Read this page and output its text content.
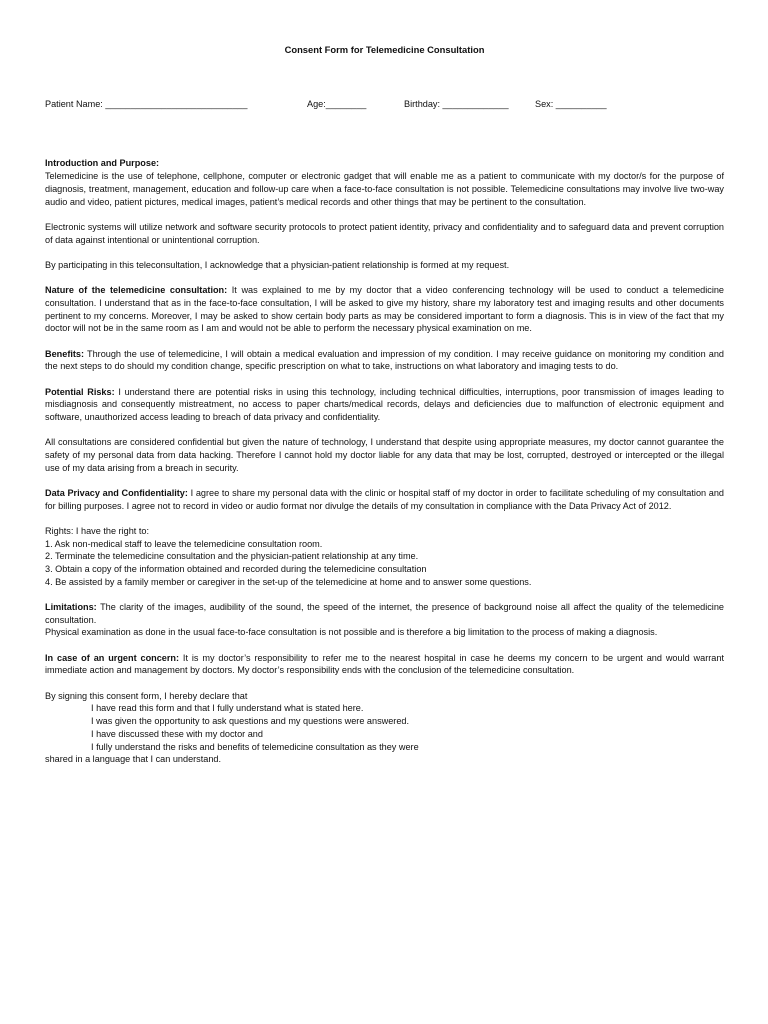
Consent Form for Telemedicine Consultation
Patient Name: ____________________________	Age:________	Birthday: _____________	Sex: __________

Introduction and Purpose:
Telemedicine is the use of telephone, cellphone, computer or electronic gadget that will enable me as a patient to communicate with my doctor/s for the purpose of diagnosis, treatment, management, education and follow-up care when a face-to-face consultation is not possible. Telemedicine consultations may involve live two-way audio and video, patient pictures, medical images, patient’s medical records and other things that may be pertinent to the consultation.

Electronic systems will utilize network and software security protocols to protect patient identity, privacy and confidentiality and to safeguard data and prevent corruption of data against intentional or unintentional corruption.

By participating in this teleconsultation, I acknowledge that a physician-patient relationship is formed at my request.

Nature of the telemedicine consultation: It was explained to me by my doctor that a video conferencing technology will be used to conduct a telemedicine consultation. I understand that as in the face-to-face consultation, I will be asked to give my history, share my laboratory test and imaging results and other documents pertinent to my concerns. Moreover, I may be asked to show certain body parts as may be considered important to form a diagnosis. This is in view of the fact that my doctor will not be in the same room as I am and would not be able to perform the necessary physical examination on me.

Benefits: Through the use of telemedicine, I will obtain a medical evaluation and impression of my condition. I may receive guidance on monitoring my condition and the next steps to do should my condition change, specific prescription on what to take, instructions on what laboratory and imaging tests to do.

Potential Risks: I understand there are potential risks in using this technology, including technical difficulties, interruptions, poor transmission of images leading to misdiagnosis and consequently mistreatment, no access to paper charts/medical records, delays and deficiencies due to malfunction of electronic equipment and software, unauthorized access leading to breach of data privacy and confidentiality.

All consultations are considered confidential but given the nature of technology, I understand that despite using appropriate measures, my doctor cannot guarantee the safety of my personal data from data hacking. Therefore I cannot hold my doctor liable for any data that may be lost, corrupted, destroyed or intercepted or the illegal use of my data arising from a breach in security.

Data Privacy and Confidentiality: I agree to share my personal data with the clinic or hospital staff of my doctor in order to facilitate scheduling of my consultation and for billing purposes. I agree not to record in video or audio format nor divulge the details of my consultation in compliance with the Data Privacy Act of 2012.

Rights: I have the right to:
1. Ask non-medical staff to leave the telemedicine consultation room.
2. Terminate the telemedicine consultation and the physician-patient relationship at any time.
3. Obtain a copy of the information obtained and recorded during the telemedicine consultation
4. Be assisted by a family member or caregiver in the set-up of the telemedicine at home and to answer some questions.

Limitations: The clarity of the images, audibility of the sound, the speed of the internet, the presence of background noise all affect the quality of the telemedicine consultation.
Physical examination as done in the usual face-to-face consultation is not possible and is therefore a big limitation to the process of making a diagnosis.

In case of an urgent concern: It is my doctor’s responsibility to refer me to the nearest hospital in case he deems my concern to be urgent and would warrant immediate action and management by doctors. My doctor’s responsibility ends with the conclusion of the telemedicine consultation.

By signing this consent form, I hereby declare that
I have read this form and that I fully understand what is stated here.
I was given the opportunity to ask questions and my questions were answered.
I have discussed these with my doctor and
I fully understand the risks and benefits of telemedicine consultation as they were
shared in a language that I can understand.
